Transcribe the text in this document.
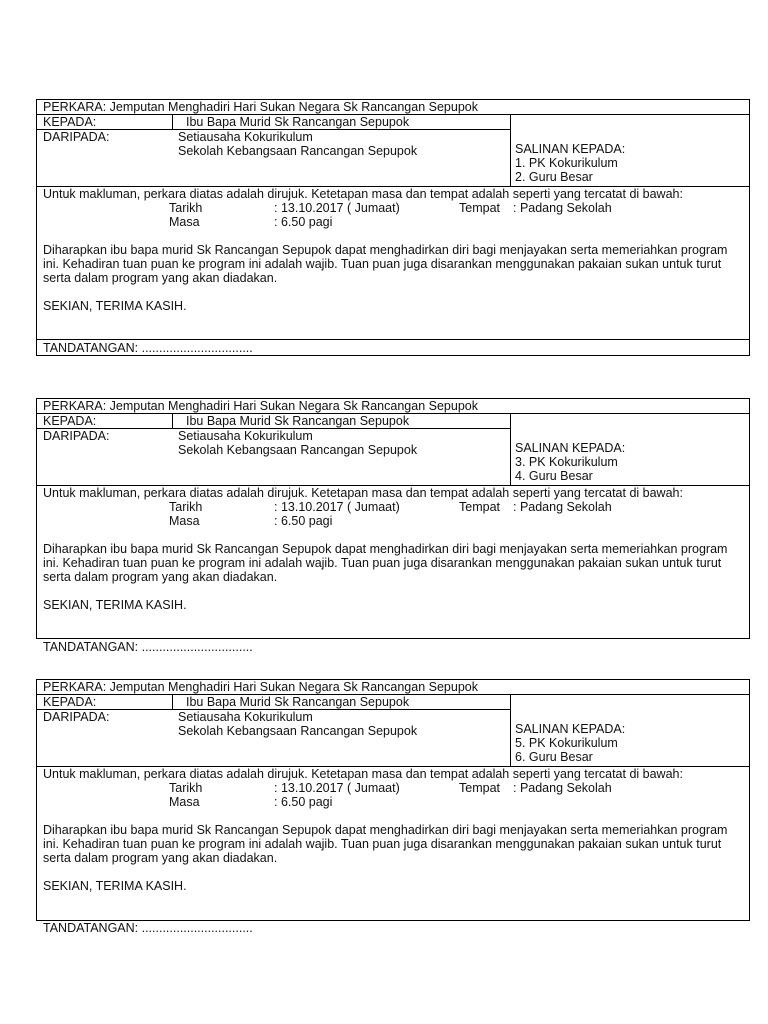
PERKARA: Jemputan Menghadiri Hari Sukan Negara Sk Rancangan Sepupok
KEPADA:	Ibu Bapa Murid Sk Rancangan Sepupok
DARIPADA:	Setiausaha Kokurikulum
Sekolah Kebangsaan Rancangan Sepupok	SALINAN KEPADA:
1. PK Kokurikulum
2. Guru Besar
Untuk makluman, perkara diatas adalah dirujuk. Ketetapan masa dan tempat adalah seperti yang tercatat di bawah:
Tarikh	: 13.10.2017 ( Jumaat)	Tempat : Padang Sekolah
Masa	: 6.50 pagi
Diharapkan ibu bapa murid Sk Rancangan Sepupok dapat menghadirkan diri bagi menjayakan serta memeriahkan program
ini. Kehadiran tuan puan ke program ini adalah wajib. Tuan puan juga disarankan menggunakan pakaian sukan untuk turut
serta dalam program yang akan diadakan.
SEKIAN, TERIMA KASIH.
TANDATANGAN: ................................
PERKARA: Jemputan Menghadiri Hari Sukan Negara Sk Rancangan Sepupok
KEPADA:	Ibu Bapa Murid Sk Rancangan Sepupok
DARIPADA:	Setiausaha Kokurikulum
Sekolah Kebangsaan Rancangan Sepupok	SALINAN KEPADA:
3. PK Kokurikulum
4. Guru Besar
Untuk makluman, perkara diatas adalah dirujuk. Ketetapan masa dan tempat adalah seperti yang tercatat di bawah:
Tarikh	: 13.10.2017 ( Jumaat)	Tempat : Padang Sekolah
Masa	: 6.50 pagi
Diharapkan ibu bapa murid Sk Rancangan Sepupok dapat menghadirkan diri bagi menjayakan serta memeriahkan program
ini. Kehadiran tuan puan ke program ini adalah wajib. Tuan puan juga disarankan menggunakan pakaian sukan untuk turut
serta dalam program yang akan diadakan.
SEKIAN, TERIMA KASIH.
TANDATANGAN: ................................
PERKARA: Jemputan Menghadiri Hari Sukan Negara Sk Rancangan Sepupok
KEPADA:	Ibu Bapa Murid Sk Rancangan Sepupok
DARIPADA:	Setiausaha Kokurikulum
Sekolah Kebangsaan Rancangan Sepupok	SALINAN KEPADA:
5. PK Kokurikulum
6. Guru Besar
Untuk makluman, perkara diatas adalah dirujuk. Ketetapan masa dan tempat adalah seperti yang tercatat di bawah:
Tarikh	: 13.10.2017 ( Jumaat)	Tempat : Padang Sekolah
Masa	: 6.50 pagi
Diharapkan ibu bapa murid Sk Rancangan Sepupok dapat menghadirkan diri bagi menjayakan serta memeriahkan program
ini. Kehadiran tuan puan ke program ini adalah wajib. Tuan puan juga disarankan menggunakan pakaian sukan untuk turut
serta dalam program yang akan diadakan.
SEKIAN, TERIMA KASIH.
TANDATANGAN: ................................
